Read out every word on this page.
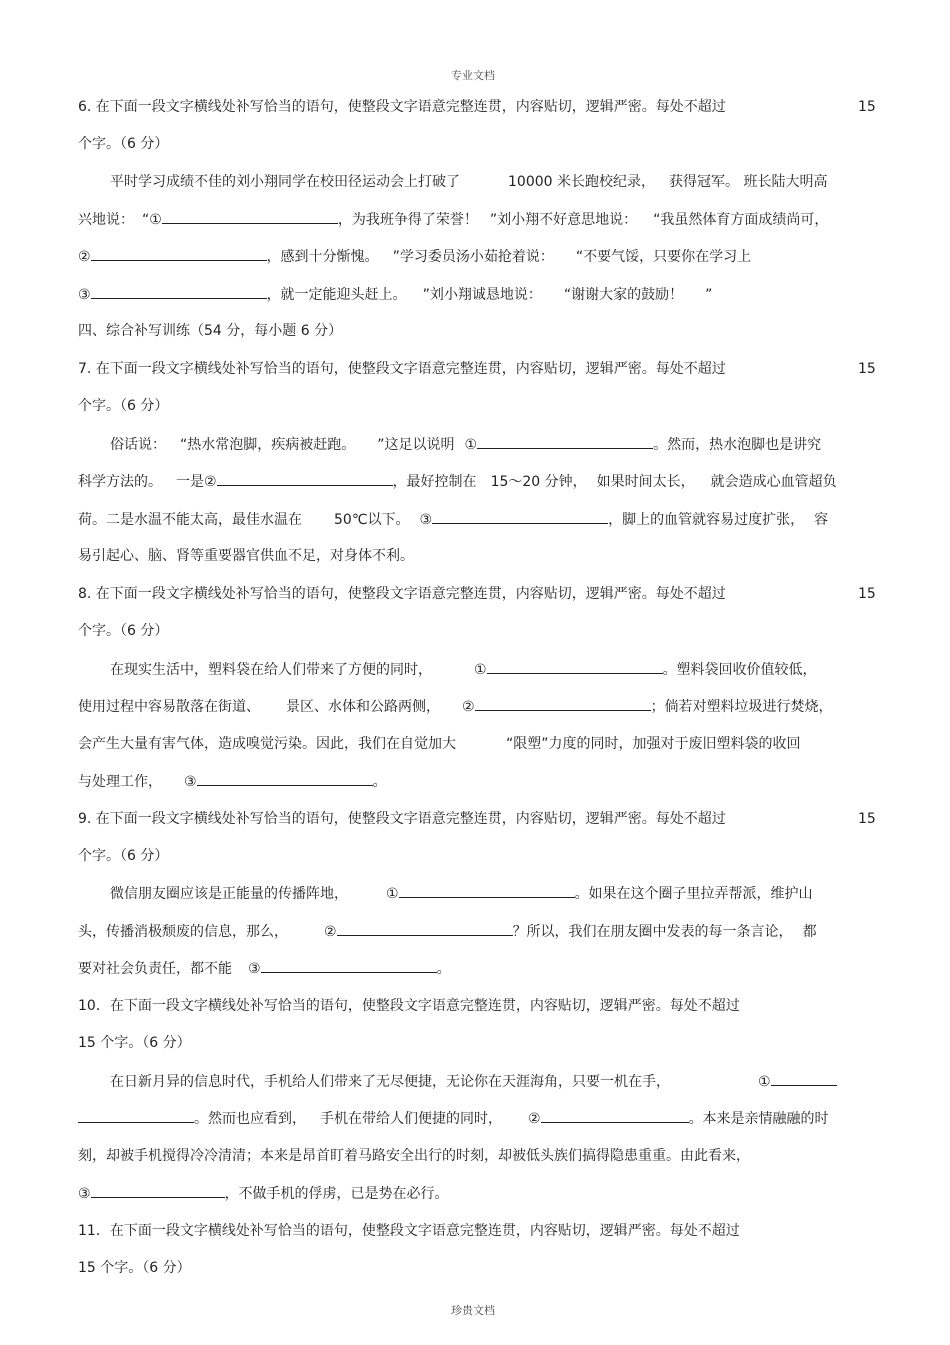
专业文档
6. 在下面一段文字横线处补写恰当的语句，使整段文字语意完整连贯，内容贴切，逻辑严密。每处不超过	15
个字。（6 分）
平时学习成绩不佳的刘小翔同学在校田径运动会上打破了	10000 米长跑校纪录， 获得冠军。 班长陆大明高
兴地说： “①	，为我班争得了荣誉！ ”刘小翔不好意思地说： “我虽然体育方面成绩尚可，
②	，感到十分惭愧。 ”学习委员汤小茹抢着说： “不要气馁，只要你在学习上
③	，就一定能迎头赶上。 ”刘小翔诚恳地说： “谢谢大家的鼓励！ ”
四、综合补写训练（54 分，每小题 6 分）
7. 在下面一段文字横线处补写恰当的语句，使整段文字语意完整连贯，内容贴切，逻辑严密。每处不超过	15
个字。（6 分）
俗话说： “热水常泡脚，疾病被赶跑。 ”这足以说明 ①	。然而，热水泡脚也是讲究
科学方法的。 一是②	，最好控制在 15～20 分钟， 如果时间太长， 就会造成心血管超负
荷。二是水温不能太高，最佳水温在 50℃以下。 ③	，脚上的血管就容易过度扩张， 容
易引起心、脑、肾等重要器官供血不足，对身体不利。
8. 在下面一段文字横线处补写恰当的语句，使整段文字语意完整连贯，内容贴切，逻辑严密。每处不超过	15
个字。（6 分）
在现实生活中，塑料袋在给人们带来了方便的同时，	①	。塑料袋回收价值较低，
使用过程中容易散落在街道、 景区、水体和公路两侧， ②	；倘若对塑料垃圾进行焚烧，
会产生大量有害气体，造成嗅觉污染。因此，我们在自觉加大	“限塑”力度的同时，加强对于废旧塑料袋的收回
与处理工作， ③	。
9. 在下面一段文字横线处补写恰当的语句，使整段文字语意完整连贯，内容贴切，逻辑严密。每处不超过	15
个字。（6 分）
微信朋友圈应该是正能量的传播阵地，	①	。如果在这个圈子里拉弄帮派，维护山
头，传播消极颓废的信息，那么，	②	？所以，我们在朋友圈中发表的每一条言论， 都
要对社会负责任，都不能 ③	。
10．在下面一段文字横线处补写恰当的语句，使整段文字语意完整连贯，内容贴切，逻辑严密。每处不超过
15 个字。（6 分）
在日新月异的信息时代，手机给人们带来了无尽便捷，无论你在天涯海角，只要一机在手，	①
。然而也应看到， 手机在带给人们便捷的同时， ②	。本来是亲情融融的时
刻，却被手机搅得冷冷清清；本来是昂首盯着马路安全出行的时刻，却被低头族们搞得隐患重重。由此看来，
③	，不做手机的俘虏，已是势在必行。
11．在下面一段文字横线处补写恰当的语句，使整段文字语意完整连贯，内容贴切，逻辑严密。每处不超过
15 个字。（6 分）
珍贵文档
